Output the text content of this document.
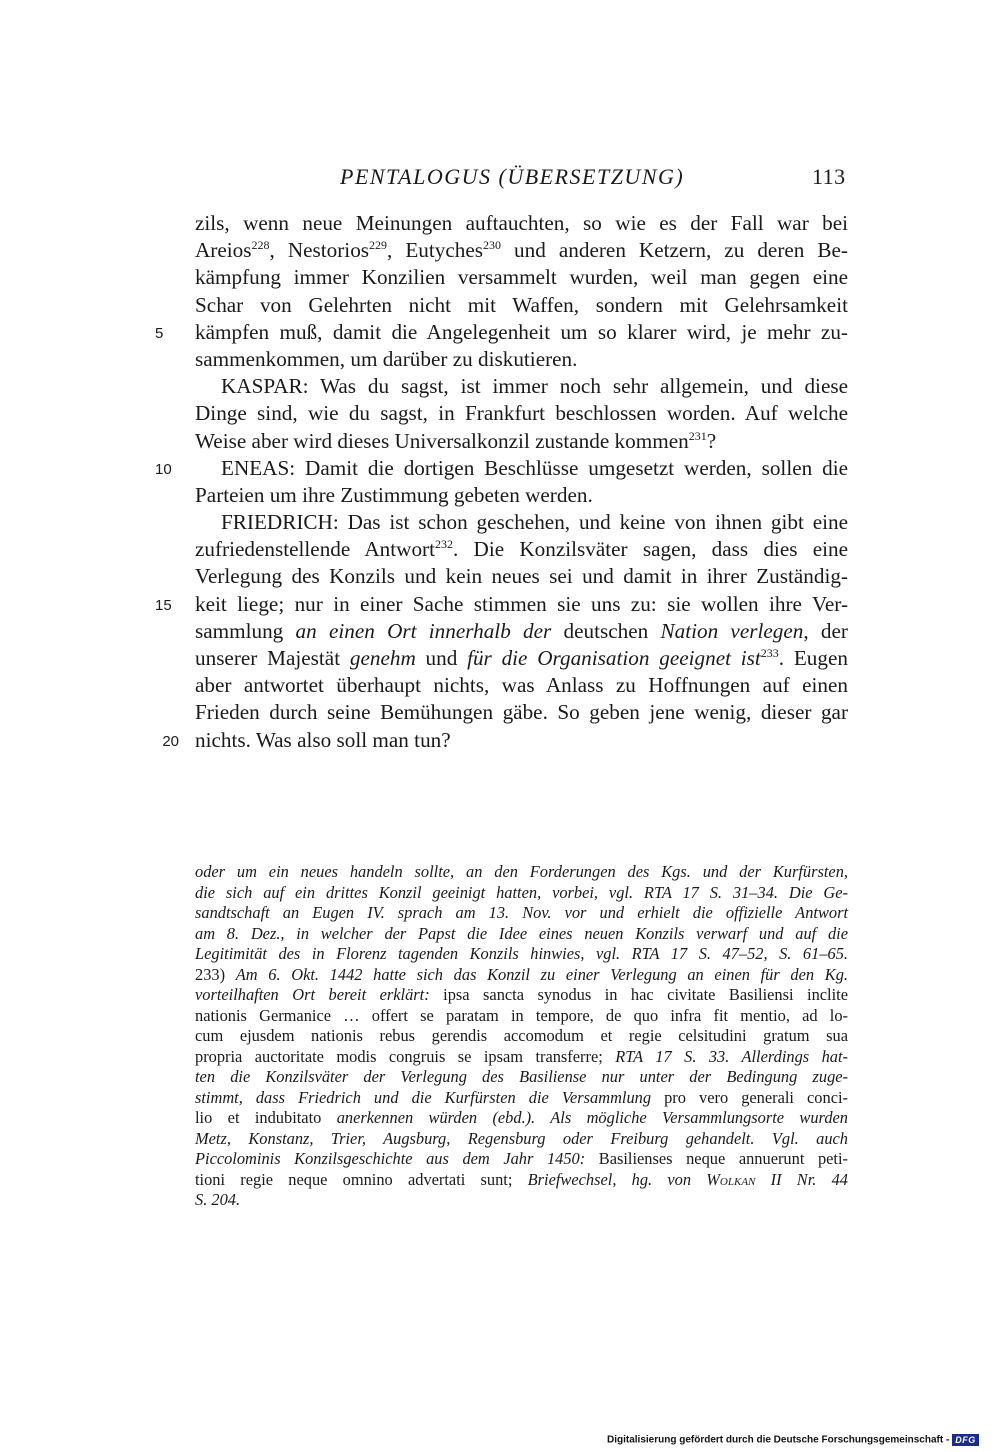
PENTALOGUS (ÜBERSETZUNG)	113
zils, wenn neue Meinungen auftauchten, so wie es der Fall war bei
Areios$^{228}$, Nestorios$^{229}$, Eutyches$^{230}$ und anderen Ketzern, zu deren Be-
kämpfung immer Konzilien versammelt wurden, weil man gegen eine
Schar von Gelehrten nicht mit Waffen, sondern mit Gelehrsamkeit
5	kämpfen muß, damit die Angelegenheit um so klarer wird, je mehr zu-
sammenkommen, um darüber zu diskutieren.
KASPAR: Was du sagst, ist immer noch sehr allgemein, und diese
Dinge sind, wie du sagst, in Frankfurt beschlossen worden. Auf welche
Weise aber wird dieses Universalkonzil zustande kommen$^{231}$?
10	ENEAS: Damit die dortigen Beschlüsse umgesetzt werden, sollen die
Parteien um ihre Zustimmung gebeten werden.
FRIEDRICH: Das ist schon geschehen, und keine von ihnen gibt eine
zufriedenstellende Antwort$^{232}$. Die Konzilsväter sagen, dass dies eine
Verlegung des Konzils und kein neues sei und damit in ihrer Zuständig-
15	keit liege; nur in einer Sache stimmen sie uns zu: sie wollen ihre Ver-
sammlung an einen Ort innerhalb der deutschen Nation verlegen, der
unserer Majestät genehm und für die Organisation geeignet ist$^{233}$. Eugen
aber antwortet überhaupt nichts, was Anlass zu Hoffnungen auf einen
Frieden durch seine Bemühungen gäbe. So geben jene wenig, dieser gar
20 nichts. Was also soll man tun?
oder um ein neues handeln sollte, an den Forderungen des Kgs. und der Kurfürsten,
die sich auf ein drittes Konzil geeinigt hatten, vorbei, vgl. RTA 17 S. 31–34. Die Ge-
sandtschaft an Eugen IV. sprach am 13. Nov. vor und erhielt die offizielle Antwort
am 8. Dez., in welcher der Papst die Idee eines neuen Konzils verwarf und auf die
Legitimität des in Florenz tagenden Konzils hinwies, vgl. RTA 17 S. 47–52, S. 61–65.
233) Am 6. Okt. 1442 hatte sich das Konzil zu einer Verlegung an einen für den Kg.
vorteilhaften Ort bereit erklärt: ipsa sancta synodus in hac civitate Basiliensi inclite
nationis Germanice … offert se paratam in tempore, de quo infra fit mentio, ad lo-
cum ejusdem nationis rebus gerendis accomodum et regie celsitudini gratum sua
propria auctoritate modis congruis se ipsam transferre; RTA 17 S. 33. Allerdings hat-
ten die Konzilsväter der Verlegung des Basiliense nur unter der Bedingung zuge-
stimmt, dass Friedrich und die Kurfürsten die Versammlung pro vero generali conci-
lio et indubitato anerkennen würden (ebd.). Als mögliche Versammlungsorte wurden
Metz, Konstanz, Trier, Augsburg, Regensburg oder Freiburg gehandelt. Vgl. auch
Piccolominis Konzilsgeschichte aus dem Jahr 1450: Basilienses neque annuerunt peti-
tioni regie neque omnino advertati sunt; Briefwechsel, hg. von Wolkan II Nr. 44
S. 204.
Digitalisierung gefördert durch die Deutsche Forschungsgemeinschaft - DFG
